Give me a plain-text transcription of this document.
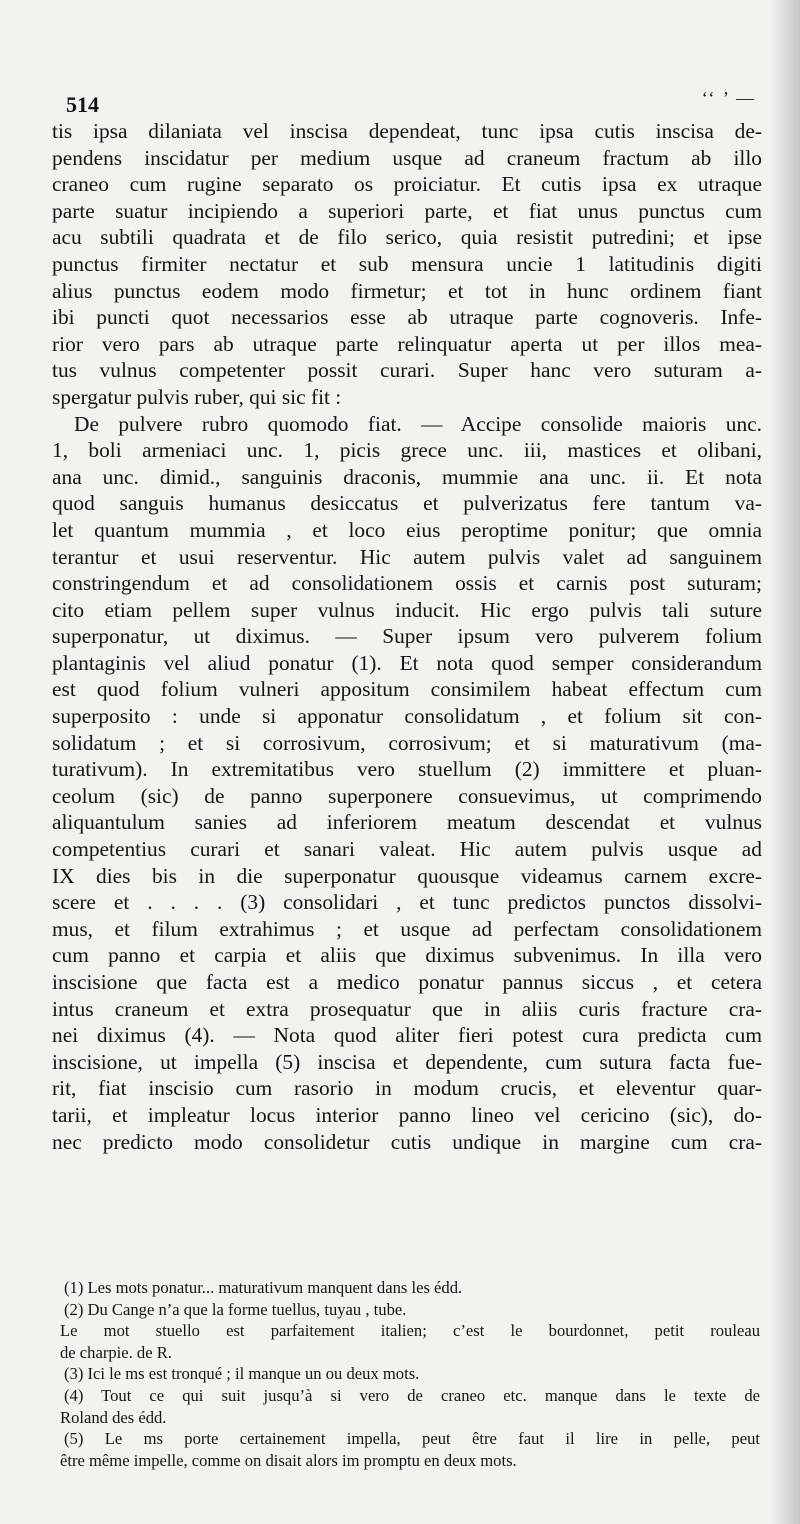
514	‘‘ ’ —
tis ipsa dilaniata vel inscisa dependeat, tunc ipsa cutis inscisa de-
pendens inscidatur per medium usque ad craneum fractum ab illo
craneo cum rugine separato os proiciatur. Et cutis ipsa ex utraque
parte suatur incipiendo a superiori parte, et fiat unus punctus cum
acu subtili quadrata et de filo serico, quia resistit putredini; et ipse
punctus firmiter nectatur et sub mensura uncie 1 latitudinis digiti
alius punctus eodem modo firmetur; et tot in hunc ordinem fiant
ibi puncti quot necessarios esse ab utraque parte cognoveris. Infe-
rior vero pars ab utraque parte relinquatur aperta ut per illos mea-
tus vulnus competenter possit curari. Super hanc vero suturam a-
spergatur pulvis ruber, qui sic fit :
De pulvere rubro quomodo fiat. — Accipe consolide maioris unc.
1, boli armeniaci unc. 1, picis grece unc. iii, mastices et olibani,
ana unc. dimid., sanguinis draconis, mummie ana unc. ii. Et nota
quod sanguis humanus desiccatus et pulverizatus fere tantum va-
let quantum mummia , et loco eius peroptime ponitur; que omnia
terantur et usui reserventur. Hic autem pulvis valet ad sanguinem
constringendum et ad consolidationem ossis et carnis post suturam;
cito etiam pellem super vulnus inducit. Hic ergo pulvis tali suture
superponatur, ut diximus. — Super ipsum vero pulverem folium
plantaginis vel aliud ponatur (1). Et nota quod semper considerandum
est quod folium vulneri appositum consimilem habeat effectum cum
superposito : unde si apponatur consolidatum , et folium sit con-
solidatum ; et si corrosivum, corrosivum; et si maturativum (ma-
turativum). In extremitatibus vero stuellum (2) immittere et pluan-
ceolum (sic) de panno superponere consuevimus, ut comprimendo
aliquantulum sanies ad inferiorem meatum descendat et vulnus
competentius curari et sanari valeat. Hic autem pulvis usque ad
IX dies bis in die superponatur quousque videamus carnem excre-
scere et . . . . (3) consolidari , et tunc predictos punctos dissolvi-
mus, et filum extrahimus ; et usque ad perfectam consolidationem
cum panno et carpia et aliis que diximus subvenimus. In illa vero
inscisione que facta est a medico ponatur pannus siccus , et cetera
intus craneum et extra prosequatur que in aliis curis fracture cra-
nei diximus (4). — Nota quod aliter fieri potest cura predicta cum
inscisione, ut impella (5) inscisa et dependente, cum sutura facta fue-
rit, fiat inscisio cum rasorio in modum crucis, et eleventur quar-
tarii, et impleatur locus interior panno lineo vel cericino (sic), do-
nec predicto modo consolidetur cutis undique in margine cum cra-
(1) Les mots ponatur... maturativum manquent dans les édd.
(2) Du Cange n’a que la forme tuellus, tuyau , tube.
Le mot stuello est parfaitement italien; c’est le bourdonnet, petit rouleau
de charpie. de R.
(3) Ici le ms est tronqué ; il manque un ou deux mots.
(4) Tout ce qui suit jusqu’à si vero de craneo etc. manque dans le texte de
Roland des édd.
(5) Le ms porte certainement impella, peut être faut il lire in pelle, peut
être même impelle, comme on disait alors im promptu en deux mots.
